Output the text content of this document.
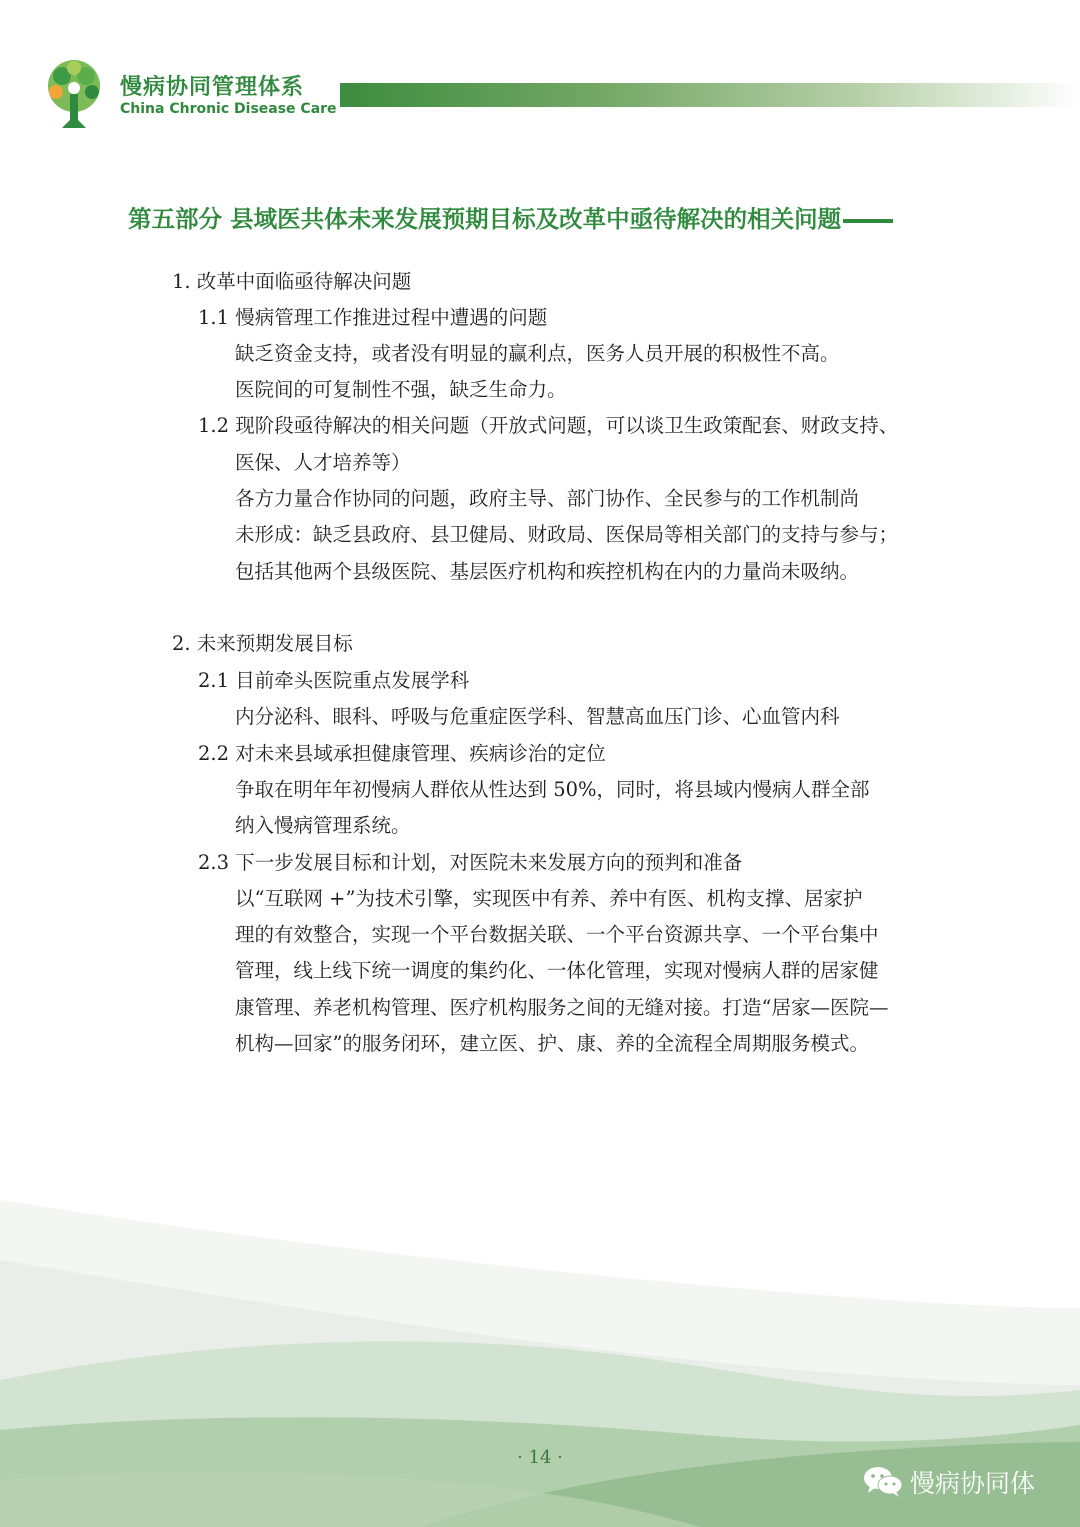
慢病协同管理体系
China Chronic Disease Care
第五部分 县域医共体未来发展预期目标及改革中亟待解决的相关问题
1. 改革中面临亟待解决问题
1.1 慢病管理工作推进过程中遭遇的问题
缺乏资金支持，或者没有明显的赢利点，医务人员开展的积极性不高。
医院间的可复制性不强，缺乏生命力。
1.2 现阶段亟待解决的相关问题（开放式问题，可以谈卫生政策配套、财政支持、
医保、人才培养等）
各方力量合作协同的问题，政府主导、部门协作、全民参与的工作机制尚
未形成：缺乏县政府、县卫健局、财政局、医保局等相关部门的支持与参与；
包括其他两个县级医院、基层医疗机构和疾控机构在内的力量尚未吸纳。
2. 未来预期发展目标
2.1 目前牵头医院重点发展学科
内分泌科、眼科、呼吸与危重症医学科、智慧高血压门诊、心血管内科
2.2 对未来县域承担健康管理、疾病诊治的定位
争取在明年年初慢病人群依从性达到 50%，同时，将县域内慢病人群全部
纳入慢病管理系统。
2.3 下一步发展目标和计划，对医院未来发展方向的预判和准备
以“互联网 +”为技术引擎，实现医中有养、养中有医、机构支撑、居家护
理的有效整合，实现一个平台数据关联、一个平台资源共享、一个平台集中
管理，线上线下统一调度的集约化、一体化管理，实现对慢病人群的居家健
康管理、养老机构管理、医疗机构服务之间的无缝对接。打造“居家—医院—
机构—回家”的服务闭环，建立医、护、康、养的全流程全周期服务模式。
· 14 ·
慢病协同体
